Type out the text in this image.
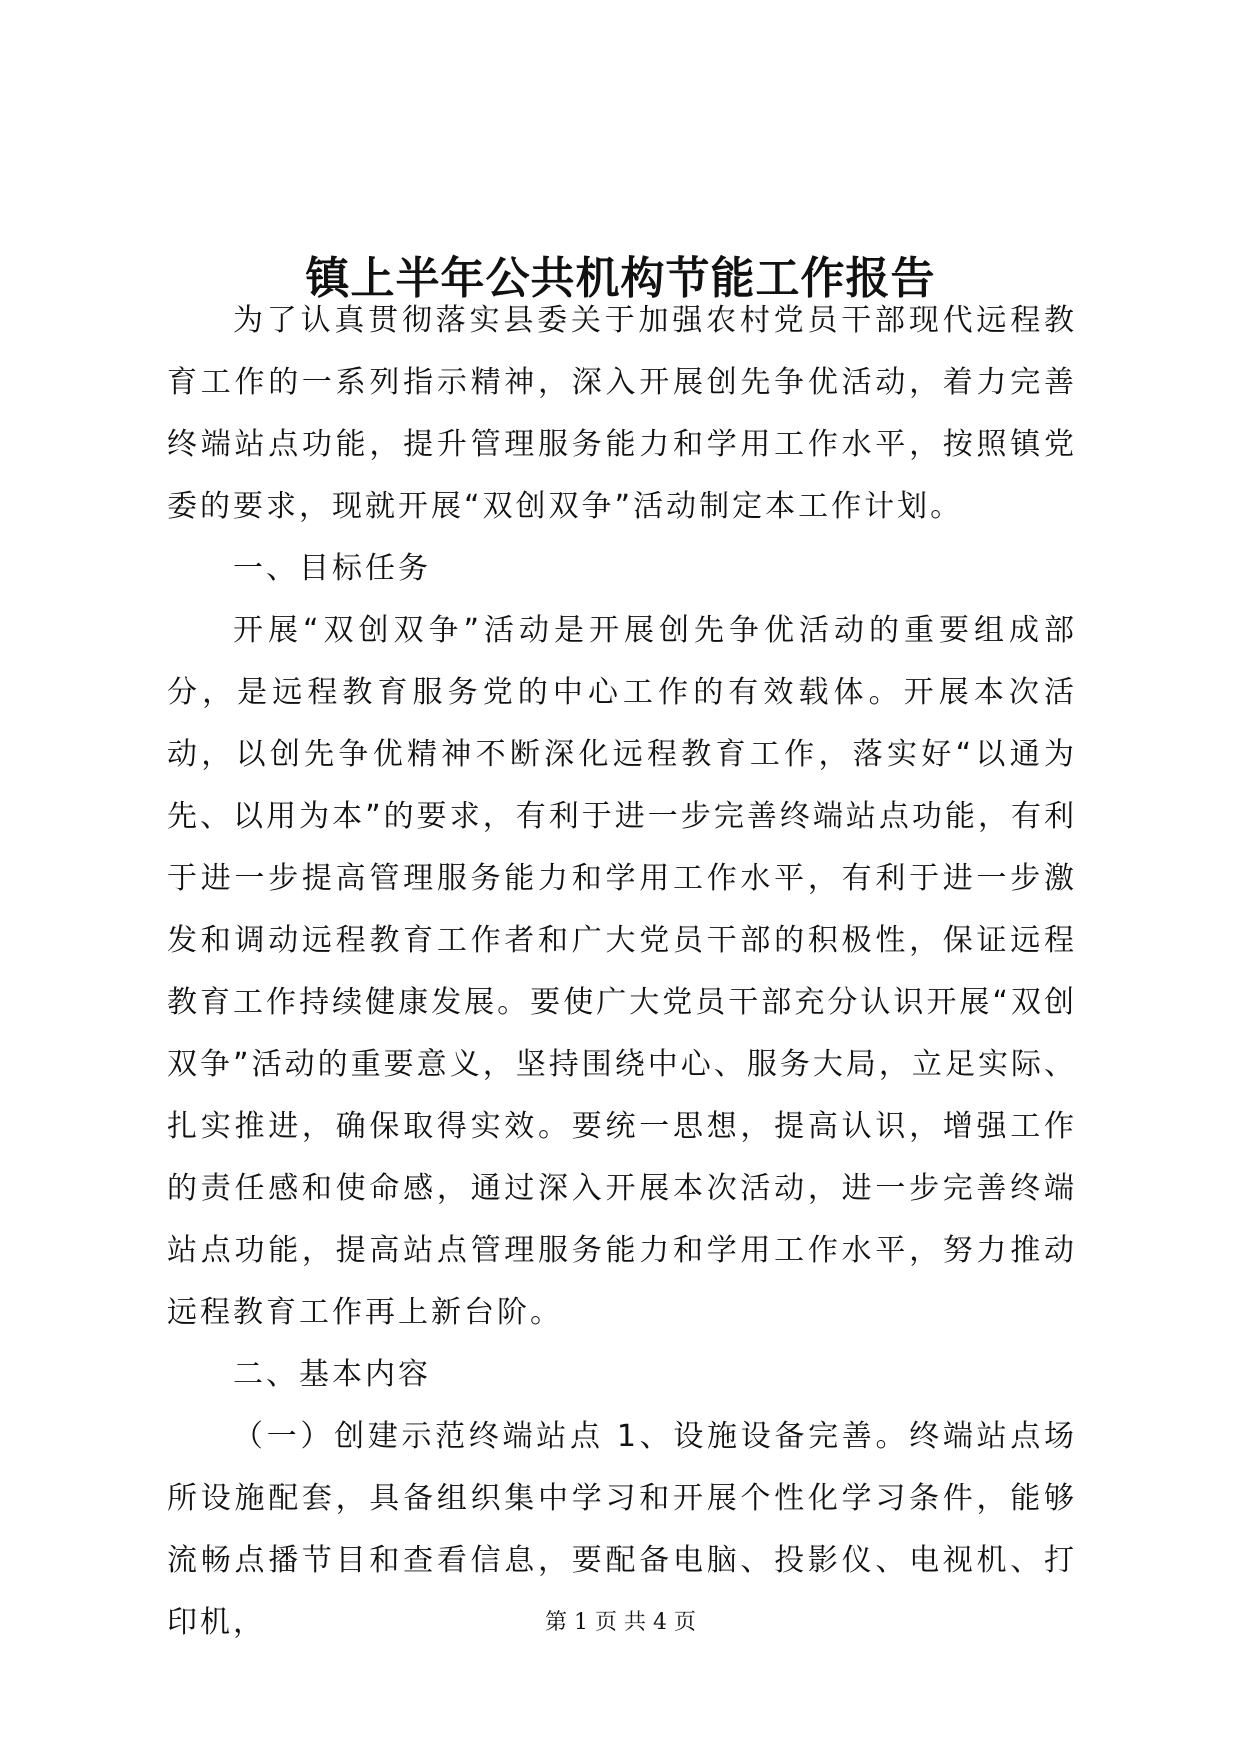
镇上半年公共机构节能工作报告

为了认真贯彻落实县委关于加强农村党员干部现代远程教育工作的一系列指示精神，深入开展创先争优活动，着力完善终端站点功能，提升管理服务能力和学用工作水平，按照镇党委的要求，现就开展“双创双争”活动制定本工作计划。

一、目标任务

开展“双创双争”活动是开展创先争优活动的重要组成部分，是远程教育服务党的中心工作的有效载体。开展本次活动，以创先争优精神不断深化远程教育工作，落实好“以通为先、以用为本”的要求，有利于进一步完善终端站点功能，有利于进一步提高管理服务能力和学用工作水平，有利于进一步激发和调动远程教育工作者和广大党员干部的积极性，保证远程教育工作持续健康发展。要使广大党员干部充分认识开展“双创双争”活动的重要意义，坚持围绕中心、服务大局，立足实际、扎实推进，确保取得实效。要统一思想，提高认识，增强工作的责任感和使命感，通过深入开展本次活动，进一步完善终端站点功能，提高站点管理服务能力和学用工作水平，努力推动远程教育工作再上新台阶。

二、基本内容

（一）创建示范终端站点 1、设施设备完善。终端站点场所设施配套，具备组织集中学习和开展个性化学习条件，能够流畅点播节目和查看信息，要配备电脑、投影仪、电视机、打印机，	第 1 页 共 4 页
